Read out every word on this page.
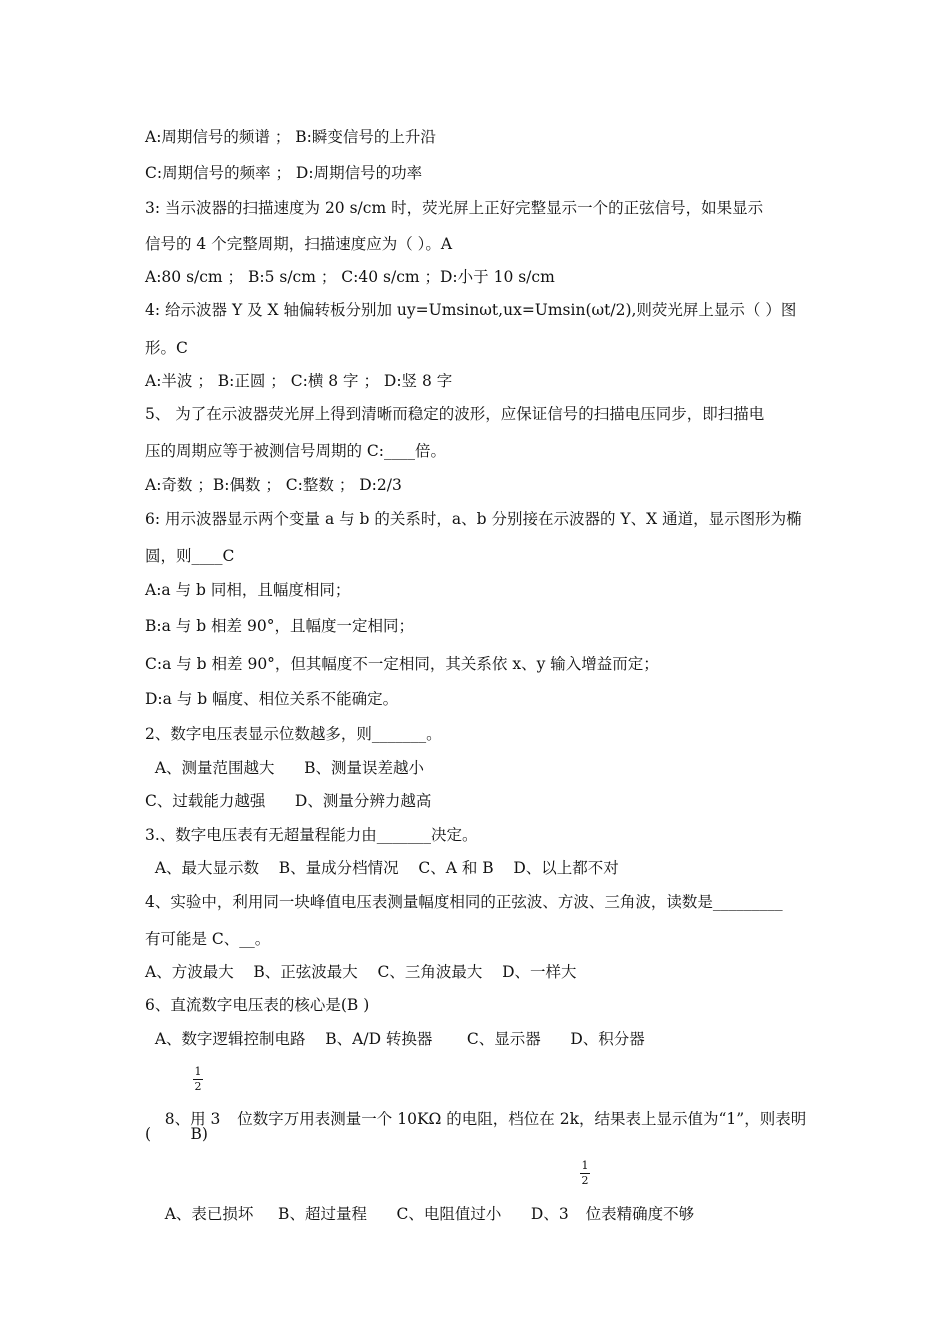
A:周期信号的频谱 ； B:瞬变信号的上升沿
C:周期信号的频率 ； D:周期信号的功率
3: 当示波器的扫描速度为 20 s/cm 时，荧光屏上正好完整显示一个的正弦信号，如果显示
信号的 4 个完整周期，扫描速度应为（ ）。A
A:80 s/cm ； B:5 s/cm ； C:40 s/cm ；D:小于 10 s/cm
4: 给示波器 Y 及 X 轴偏转板分别加 uy=Umsinωt,ux=Umsin(ωt/2),则荧光屏上显示（ ）图
形。C
A:半波 ； B:正圆 ； C:横 8 字 ； D:竖 8 字
5、 为了在示波器荧光屏上得到清晰而稳定的波形，应保证信号的扫描电压同步，即扫描电
压的周期应等于被测信号周期的 C:____倍。
A:奇数 ；B:偶数 ； C:整数 ； D:2/3
6: 用示波器显示两个变量 a 与 b 的关系时，a、b 分别接在示波器的 Y、X 通道，显示图形为椭
圆，则____C
A:a 与 b 同相，且幅度相同；
B:a 与 b 相差 90°，且幅度一定相同；
C:a 与 b 相差 90°，但其幅度不一定相同，其关系依 x、y 输入增益而定；
D:a 与 b 幅度、相位关系不能确定。
2、数字电压表显示位数越多，则_______。
A、测量范围越大      B、测量误差越小
C、过载能力越强      D、测量分辨力越高
3.、数字电压表有无超量程能力由_______决定。
A、最大显示数    B、量成分档情况    C、A 和 B    D、以上都不对
4、实验中，利用同一块峰值电压表测量幅度相同的正弦波、方波、三角波，读数是_________
有可能是 C、__。
A、方波最大    B、正弦波最大    C、三角波最大    D、一样大
6、直流数字电压表的核心是(B )
A、数字逻辑控制电路    B、A/D 转换器       C、显示器      D、积分器

8、用 3 位数字万用表测量一个 10KΩ 的电阻，档位在 2k，结果表上显示值为“1”，则表明

1
2
(        B)

A、表已损坏     B、超过量程      C、电阻值过小      D、3 位表精确度不够

1
2
